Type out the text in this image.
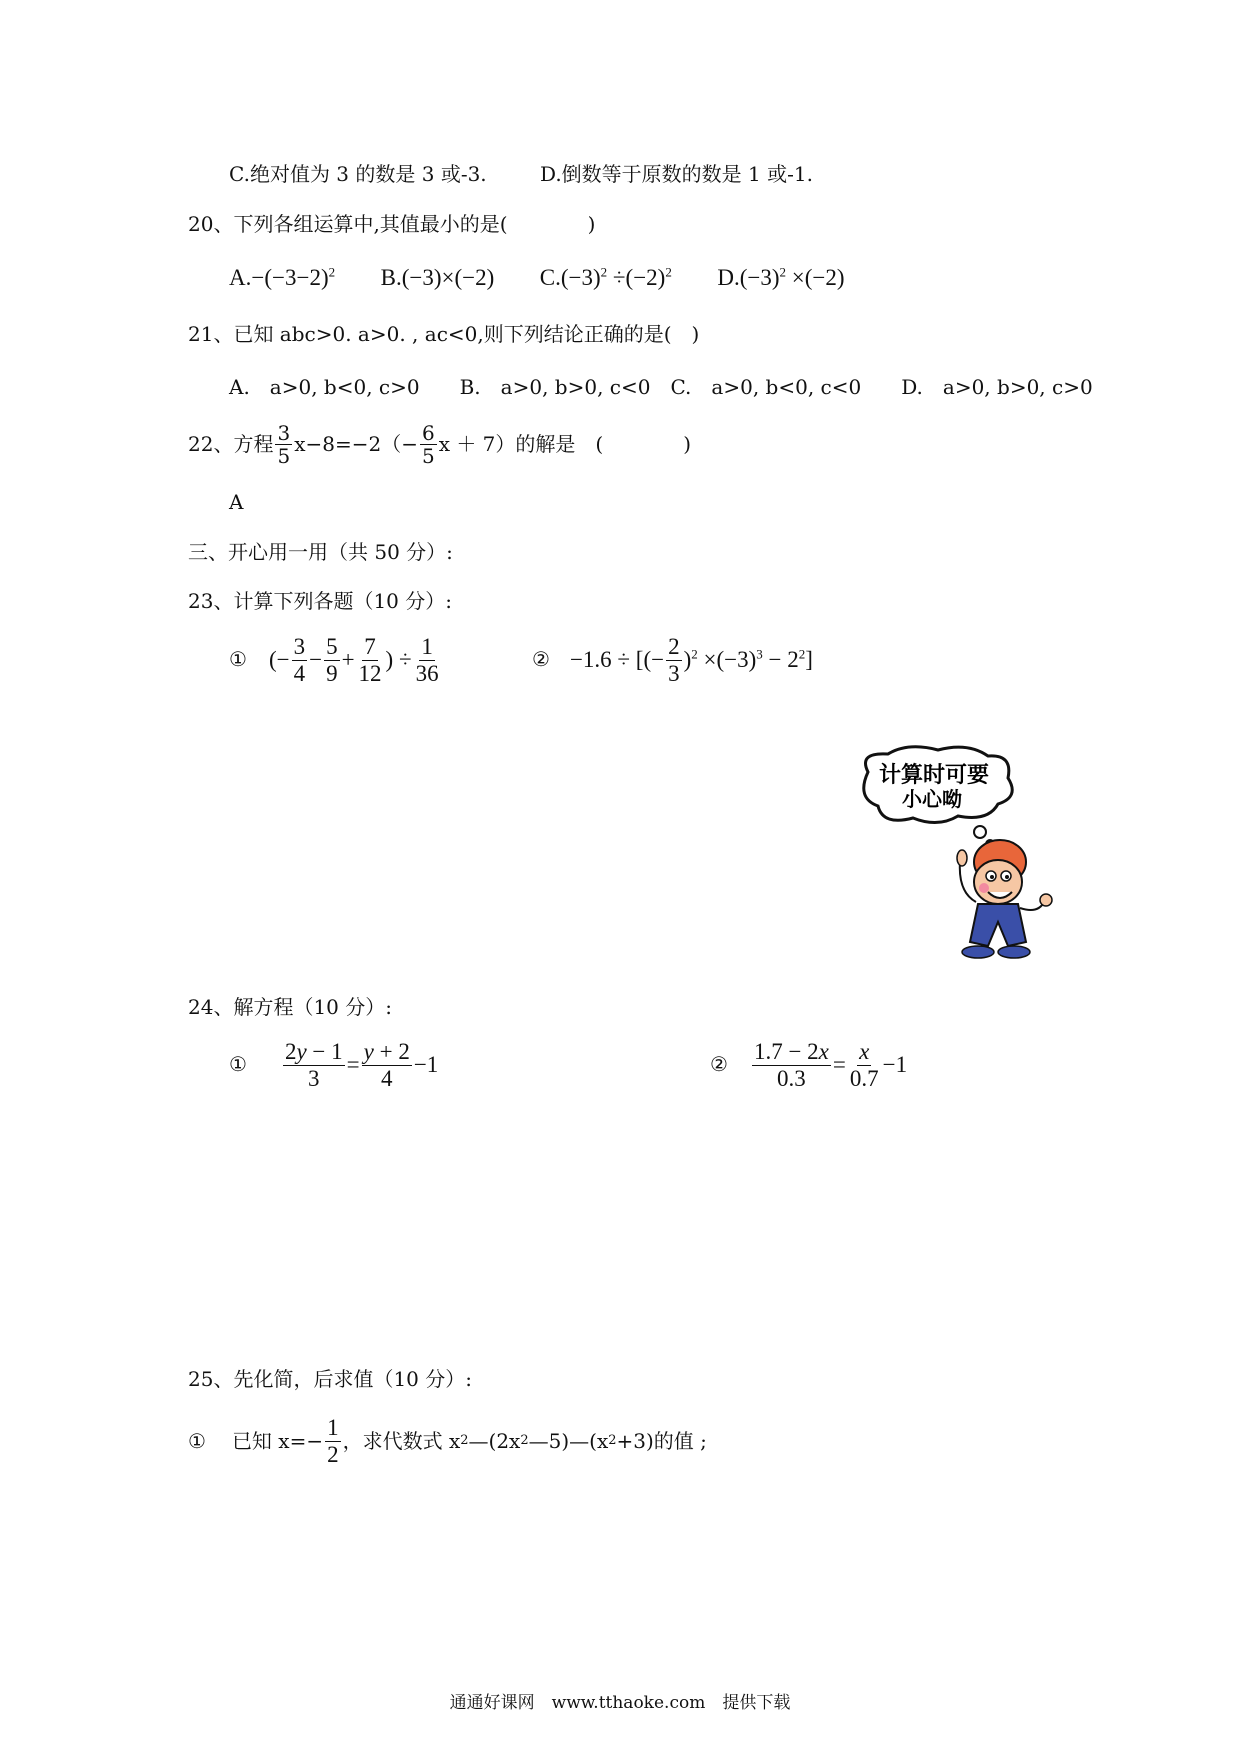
C.绝对值为 3 的数是 3 或-3.	D.倒数等于原数的数是 1 或-1.
20、下列各组运算中,其值最小的是(　　　　)
$A.-(-3-2)^2$ B.(−3)×(−2) $C.(-3)^2 \div(-2)^2$ $D.(-3)^2 \times(-2)$
21、已知 abc>0. a>0. , ac<0,则下列结论正确的是(　)
A.　a>0, b<0, c>0　　B.　a>0, b>0, c<0　C.　a>0, b<0, c<0　　D.　a>0, b>0, c>0
22、方程 $\frac{3}{5} x-8=-2(- \frac{6}{5}$ x ＋ 7） 的解是　(　　　　)
A
三、开心用一用（共 50 分）:
23、计算下列各题（10 分）:
① (− $\frac{3}{4} - \frac{5}{9} + \frac{7}{12}$ ) ÷ $\frac{1}{36}$	② −1.6 ÷ [(− $\frac{2}{3} )^2 \times(-3)^3 - 2^2$]
计算时可要
小心呦
24、解方程（10 分）:
① $\frac{2y - 1}{3} = \frac{y + 2}{4} -1$	② $\frac{1.7 - 2x}{0.3} = \frac{x}{0.7} -1$
25、先化简，后求值（10 分）:
① 已知 $x=- \frac{1}{2}$ ，求代数式 x 2 —(2x 2 —5)—(x 2 +3)的值 ;
通通好课网　www.tthaoke.com　提供下载
